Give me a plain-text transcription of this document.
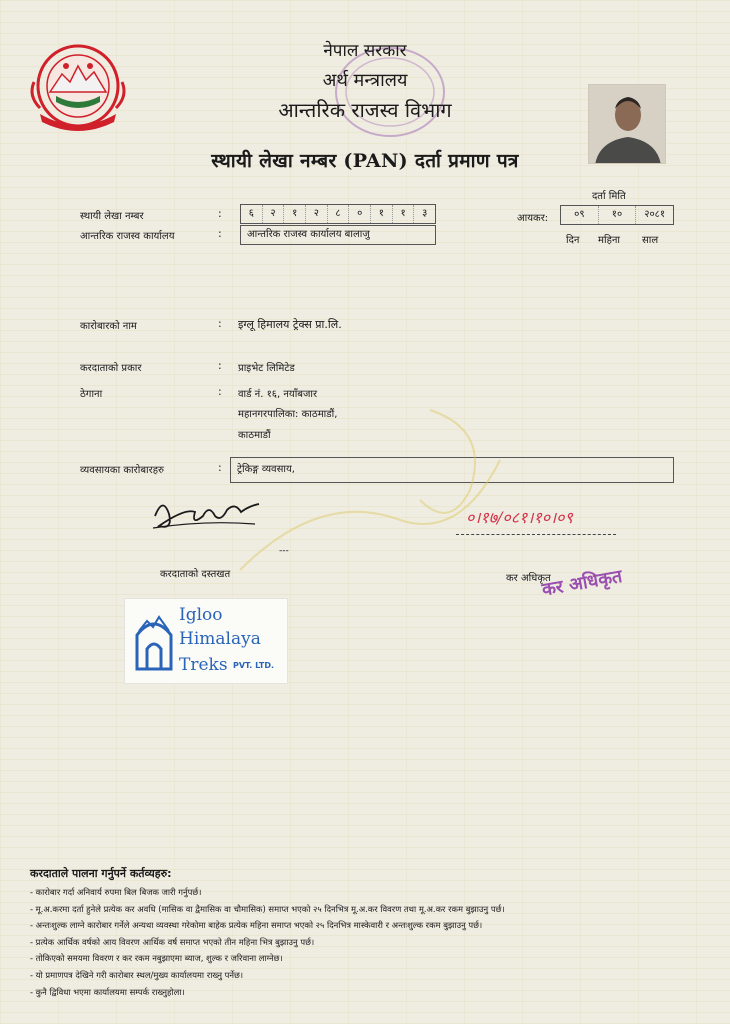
नेपाल सरकार
अर्थ मन्त्रालय
आन्तरिक राजस्व विभाग
स्थायी लेखा नम्बर (PAN) दर्ता प्रमाण पत्र
दर्ता मिति
आयकर:	०९	१०	२०८१
दिन महिना साल
स्थायी लेखा नम्बर	:	६	२	१	२	८	०	१	१	३
आन्तरिक राजस्व कार्यालय	:	आन्तरिक राजस्व कार्यालय बालाजु
कारोबारको नाम	: इग्लू हिमालय ट्रेक्स प्रा.लि.
करदाताको प्रकार	: प्राइभेट लिमिटेड
ठेगाना	: वार्ड नं. १६, नयाँबजार
महानगरपालिका: काठमाडौं,
काठमाडौं
व्यवसायका कारोबारहरु	:	ट्रेकिङ्ग व्यवसाय,
---
करदाताको दस्तखत
०।१७/०८१।१०।०९
कर अधिकृत
कर अधिकृत
Igloo
Himalaya
Treks PVT. LTD.
करदाताले पालना गर्नुपर्ने कर्तव्यहरु:
- कारोबार गर्दा अनिवार्य रुपमा बिल बिजक जारी गर्नुपर्छ।
- मू.अ.करमा दर्ता हुनेले प्रत्येक कर अवधि (मासिक वा द्वैमासिक वा चौमासिक) समाप्त भएको २५ दिनभित्र मू.अ.कर विवरण तथा मू.अ.कर रकम बुझाउनु पर्छ।
- अन्तःशुल्क लाग्ने कारोबार गर्नेले अन्यथा व्यवस्था गरेकोमा बाहेक प्रत्येक महिना समाप्त भएको २५ दिनभित्र मास्केवारी र अन्तःशुल्क रकम बुझाउनु पर्छ।
- प्रत्येक आर्थिक वर्षको आय विवरण आर्थिक वर्ष समाप्त भएको तीन महिना भित्र बुझाउनु पर्छ।
- तोकिएको समयमा विवरण र कर रकम नबुझाएमा ब्याज, शुल्क र जरिवाना लाग्नेछ।
- यो प्रमाणपत्र देखिने गरी कारोबार स्थल/मुख्य कार्यालयमा राख्नु पर्नेछ।
- कुनै द्विविधा भएमा कार्यालयमा सम्पर्क राख्नुहोला।
